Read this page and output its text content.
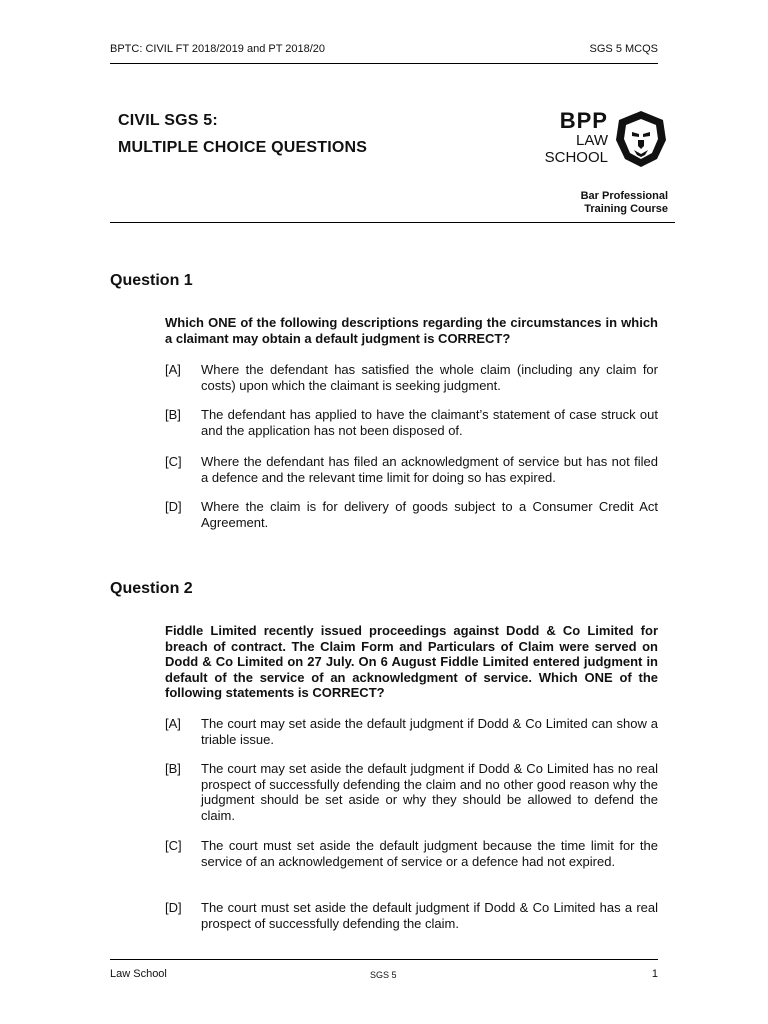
BPTC: CIVIL FT 2018/2019 and PT 2018/20	SGS 5 MCQS
CIVIL SGS 5:
MULTIPLE CHOICE QUESTIONS
BPP
LAW
SCHOOL
Bar Professional
Training Course
Question 1
Which ONE of the following descriptions regarding the circumstances in which a claimant may obtain a default judgment is CORRECT?
[A] Where the defendant has satisfied the whole claim (including any claim for costs) upon which the claimant is seeking judgment.
[B] The defendant has applied to have the claimant’s statement of case struck out and the application has not been disposed of.
[C] Where the defendant has filed an acknowledgment of service but has not filed a defence and the relevant time limit for doing so has expired.
[D] Where the claim is for delivery of goods subject to a Consumer Credit Act Agreement.
Question 2
Fiddle Limited recently issued proceedings against Dodd & Co Limited for breach of contract. The Claim Form and Particulars of Claim were served on Dodd & Co Limited on 27 July. On 6 August Fiddle Limited entered judgment in default of the service of an acknowledgment of service. Which ONE of the following statements is CORRECT?
[A] The court may set aside the default judgment if Dodd & Co Limited can show a triable issue.
[B] The court may set aside the default judgment if Dodd & Co Limited has no real prospect of successfully defending the claim and no other good reason why the judgment should be set aside or why they should be allowed to defend the claim.
[C] The court must set aside the default judgment because the time limit for the service of an acknowledgement of service or a defence had not expired.
[D] The court must set aside the default judgment if Dodd & Co Limited has a real prospect of successfully defending the claim.
Law School	SGS 5	1
